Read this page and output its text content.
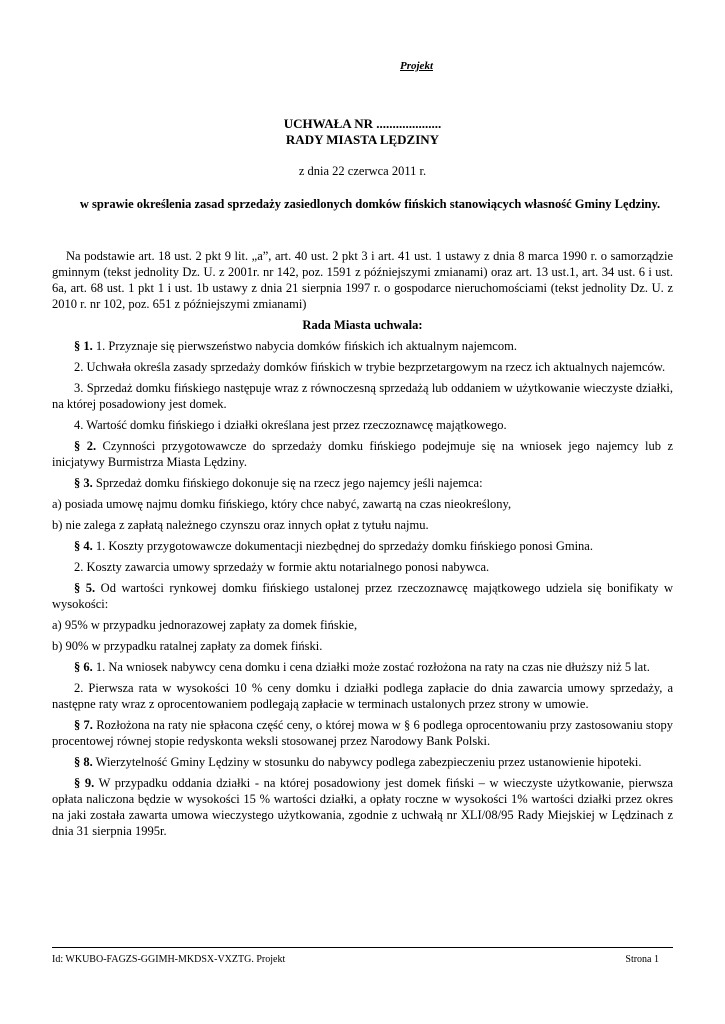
Projekt
UCHWAŁA NR ....................
RADY MIASTA LĘDZINY
z dnia 22 czerwca 2011 r.
w sprawie określenia zasad sprzedaży zasiedlonych domków fińskich stanowiących własność Gminy Lędziny.

Na podstawie art. 18 ust. 2 pkt 9 lit. „a”, art. 40 ust. 2 pkt 3 i art. 41 ust. 1 ustawy z dnia 8 marca 1990 r. o samorządzie gminnym (tekst jednolity Dz. U. z 2001r. nr 142, poz. 1591 z późniejszymi zmianami) oraz art. 13 ust.1, art. 34 ust. 6 i ust. 6a, art. 68 ust. 1 pkt 1 i ust. 1b ustawy z dnia 21 sierpnia 1997 r. o gospodarce nieruchomościami (tekst jednolity Dz. U. z 2010 r. nr 102, poz. 651 z późniejszymi zmianami)

Rada Miasta uchwala:

§ 1. 1. Przyznaje się pierwszeństwo nabycia domków fińskich ich aktualnym najemcom.

2. Uchwała określa zasady sprzedaży domków fińskich w trybie bezprzetargowym na rzecz ich aktualnych najemców.

3. Sprzedaż domku fińskiego następuje wraz z równoczesną sprzedażą lub oddaniem w użytkowanie wieczyste działki, na której posadowiony jest domek.

4. Wartość domku fińskiego i działki określana jest przez rzeczoznawcę majątkowego.

§ 2. Czynności przygotowawcze do sprzedaży domku fińskiego podejmuje się na wniosek jego najemcy lub z inicjatywy Burmistrza Miasta Lędziny.

§ 3. Sprzedaż domku fińskiego dokonuje się na rzecz jego najemcy jeśli najemca:

a) posiada umowę najmu domku fińskiego, który chce nabyć, zawartą na czas nieokreślony,

b) nie zalega z zapłatą należnego czynszu oraz innych opłat z tytułu najmu.

§ 4. 1. Koszty przygotowawcze dokumentacji niezbędnej do sprzedaży domku fińskiego ponosi Gmina.

2. Koszty zawarcia umowy sprzedaży w formie aktu notarialnego ponosi nabywca.

§ 5. Od wartości rynkowej domku fińskiego ustalonej przez rzeczoznawcę majątkowego udziela się bonifikaty w wysokości:

a) 95% w przypadku jednorazowej zapłaty za domek fińskie,

b) 90% w przypadku ratalnej zapłaty za domek fiński.

§ 6. 1. Na wniosek nabywcy cena domku i cena działki może zostać rozłożona na raty na czas nie dłuższy niż 5 lat.

2. Pierwsza rata w wysokości 10 % ceny domku i działki podlega zapłacie do dnia zawarcia umowy sprzedaży, a następne raty wraz z oprocentowaniem podlegają zapłacie w terminach ustalonych przez strony w umowie.

§ 7. Rozłożona na raty nie spłacona część ceny, o której mowa w § 6 podlega oprocentowaniu przy zastosowaniu stopy procentowej równej stopie redyskonta weksli stosowanej przez Narodowy Bank Polski.

§ 8. Wierzytelność Gminy Lędziny w stosunku do nabywcy podlega zabezpieczeniu przez ustanowienie hipoteki.

§ 9. W przypadku oddania działki - na której posadowiony jest domek fiński – w wieczyste użytkowanie, pierwsza opłata naliczona będzie w wysokości 15 % wartości działki, a opłaty roczne w wysokości 1% wartości działki przez okres na jaki została zawarta umowa wieczystego użytkowania, zgodnie z uchwałą nr XLI/08/95 Rady Miejskiej w Lędzinach z dnia 31 sierpnia 1995r.

Id: WKUBO-FAGZS-GGIMH-MKDSX-VXZTG. Projekt	Strona 1
